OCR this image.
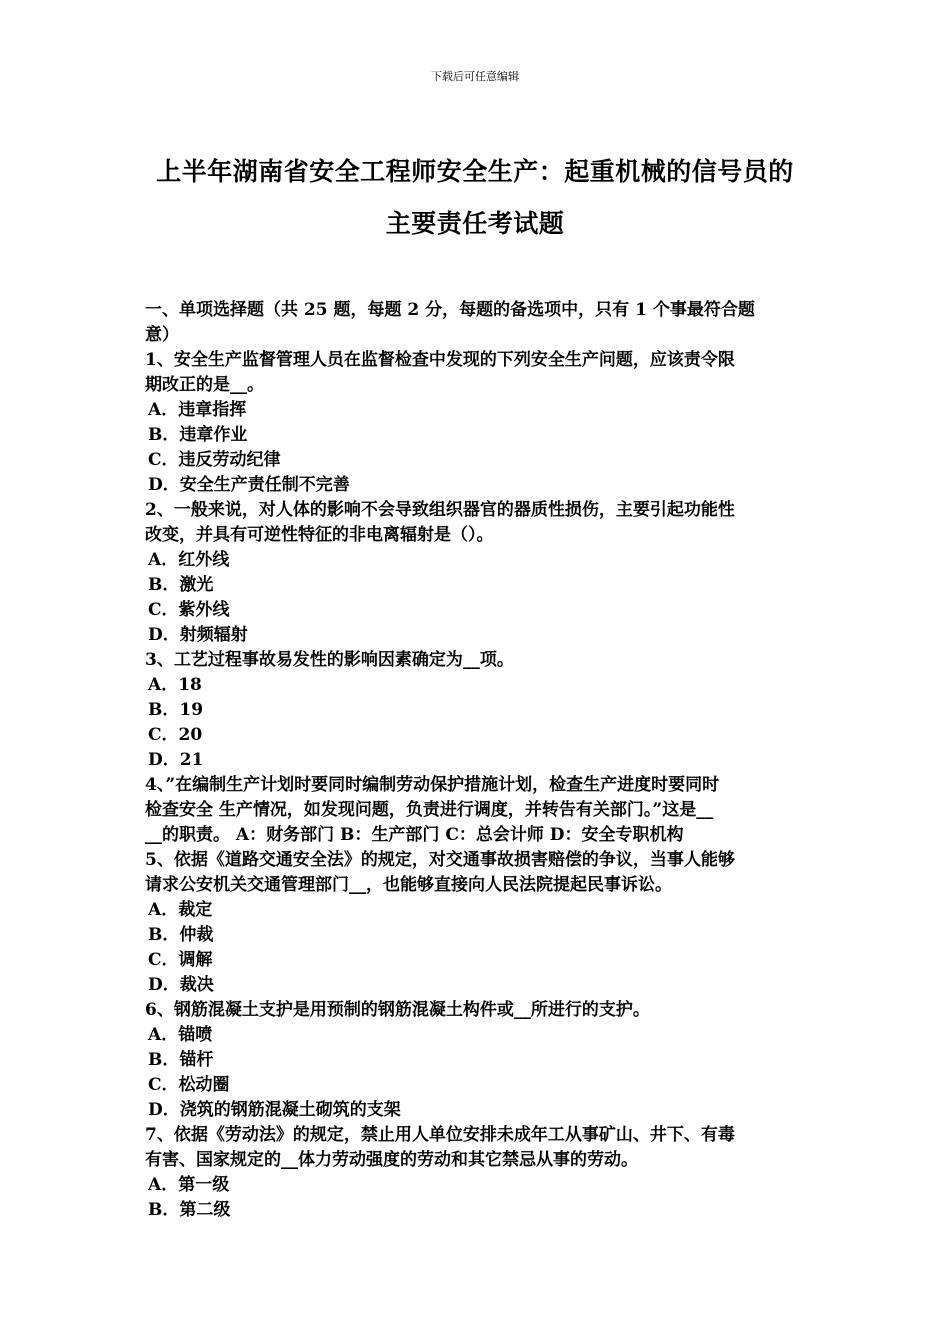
下载后可任意编辑
上半年湖南省安全工程师安全生产：起重机械的信号员的
主要责任考试题
一、单项选择题（共 25 题，每题 2 分，每题的备选项中，只有 1 个事最符合题
意）
1、安全生产监督管理人员在监督检查中发现的下列安全生产问题，应该责令限
期改正的是__。
A．违章指挥
B．违章作业
C．违反劳动纪律
D．安全生产责任制不完善
2、一般来说，对人体的影响不会导致组织器官的器质性损伤，主要引起功能性
改变，并具有可逆性特征的非电离辐射是（）。
A．红外线
B．激光
C．紫外线
D．射频辐射
3、工艺过程事故易发性的影响因素确定为__项。
A．18
B．19
C．20
D．21
4、”在编制生产计划时要同时编制劳动保护措施计划，检查生产进度时要同时
检查安全 生产情况，如发现问题，负责进行调度，并转告有关部门。”这是__
__的职责。 A：财务部门 B：生产部门 C：总会计师 D：安全专职机构
5、依据《道路交通安全法》的规定，对交通事故损害赔偿的争议，当事人能够
请求公安机关交通管理部门__，也能够直接向人民法院提起民事诉讼。
A．裁定
B．仲裁
C．调解
D．裁决
6、钢筋混凝土支护是用预制的钢筋混凝土构件或__所进行的支护。
A．锚喷
B．锚杆
C．松动圈
D．浇筑的钢筋混凝土砌筑的支架
7、依据《劳动法》的规定，禁止用人单位安排未成年工从事矿山、井下、有毒
有害、国家规定的__体力劳动强度的劳动和其它禁忌从事的劳动。
A．第一级
B．第二级
